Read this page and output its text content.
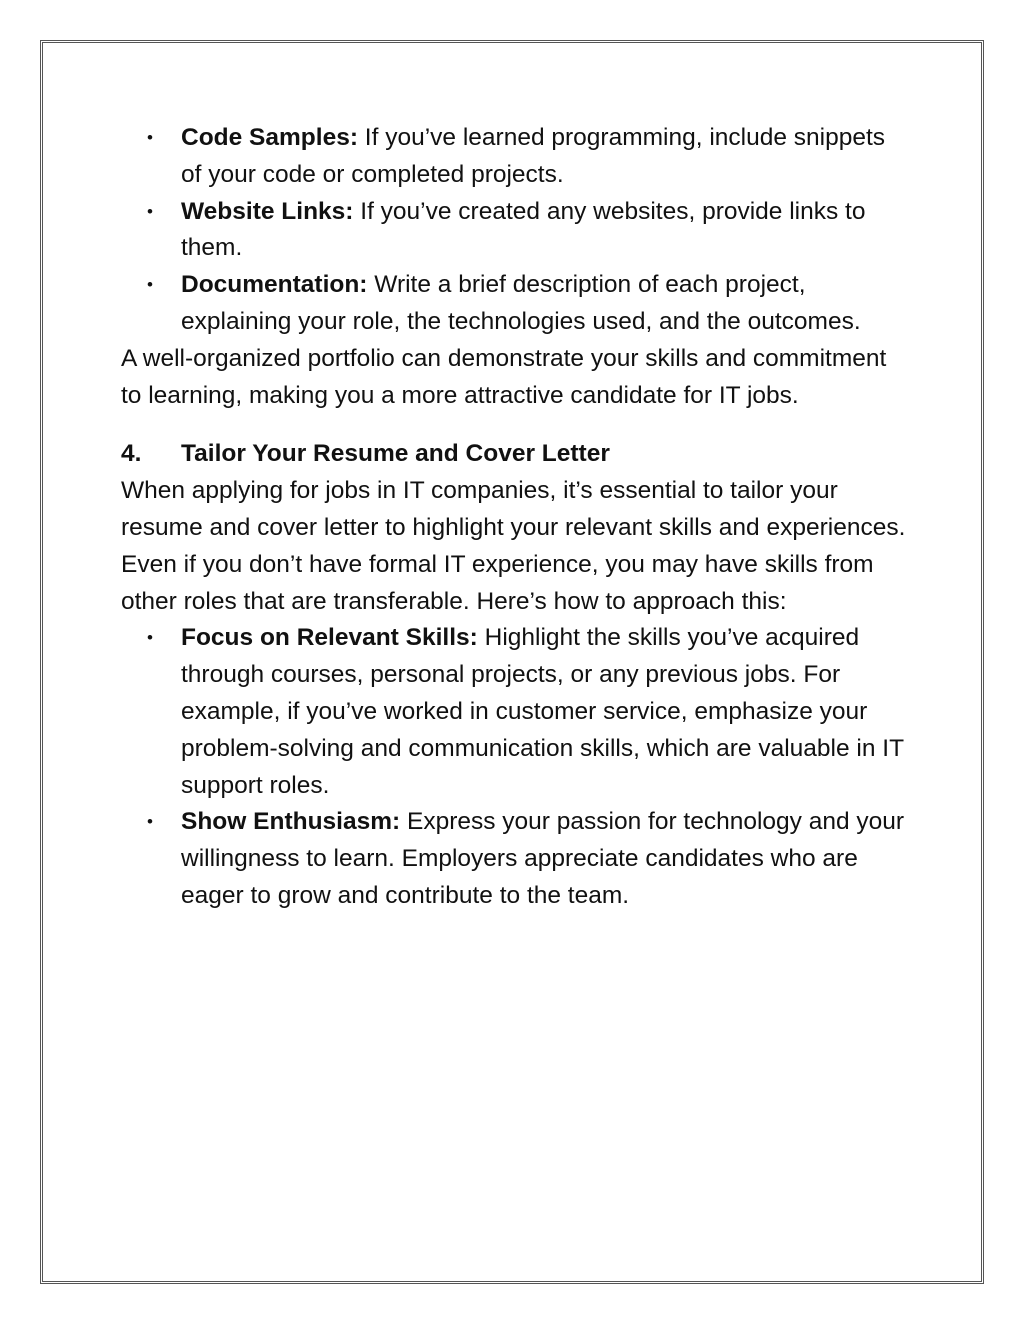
• Code Samples: If you’ve learned programming, include snippets of your code or completed projects.
• Website Links: If you’ve created any websites, provide links to them.
• Documentation: Write a brief description of each project, explaining your role, the technologies used, and the outcomes.

A well-organized portfolio can demonstrate your skills and commitment to learning, making you a more attractive candidate for IT jobs.

4.	Tailor Your Resume and Cover Letter

When applying for jobs in IT companies, it’s essential to tailor your resume and cover letter to highlight your relevant skills and experiences. Even if you don’t have formal IT experience, you may have skills from other roles that are transferable. Here’s how to approach this:

• Focus on Relevant Skills: Highlight the skills you’ve acquired through courses, personal projects, or any previous jobs. For example, if you’ve worked in customer service, emphasize your problem-solving and communication skills, which are valuable in IT support roles.
• Show Enthusiasm: Express your passion for technology and your willingness to learn. Employers appreciate candidates who are eager to grow and contribute to the team.
